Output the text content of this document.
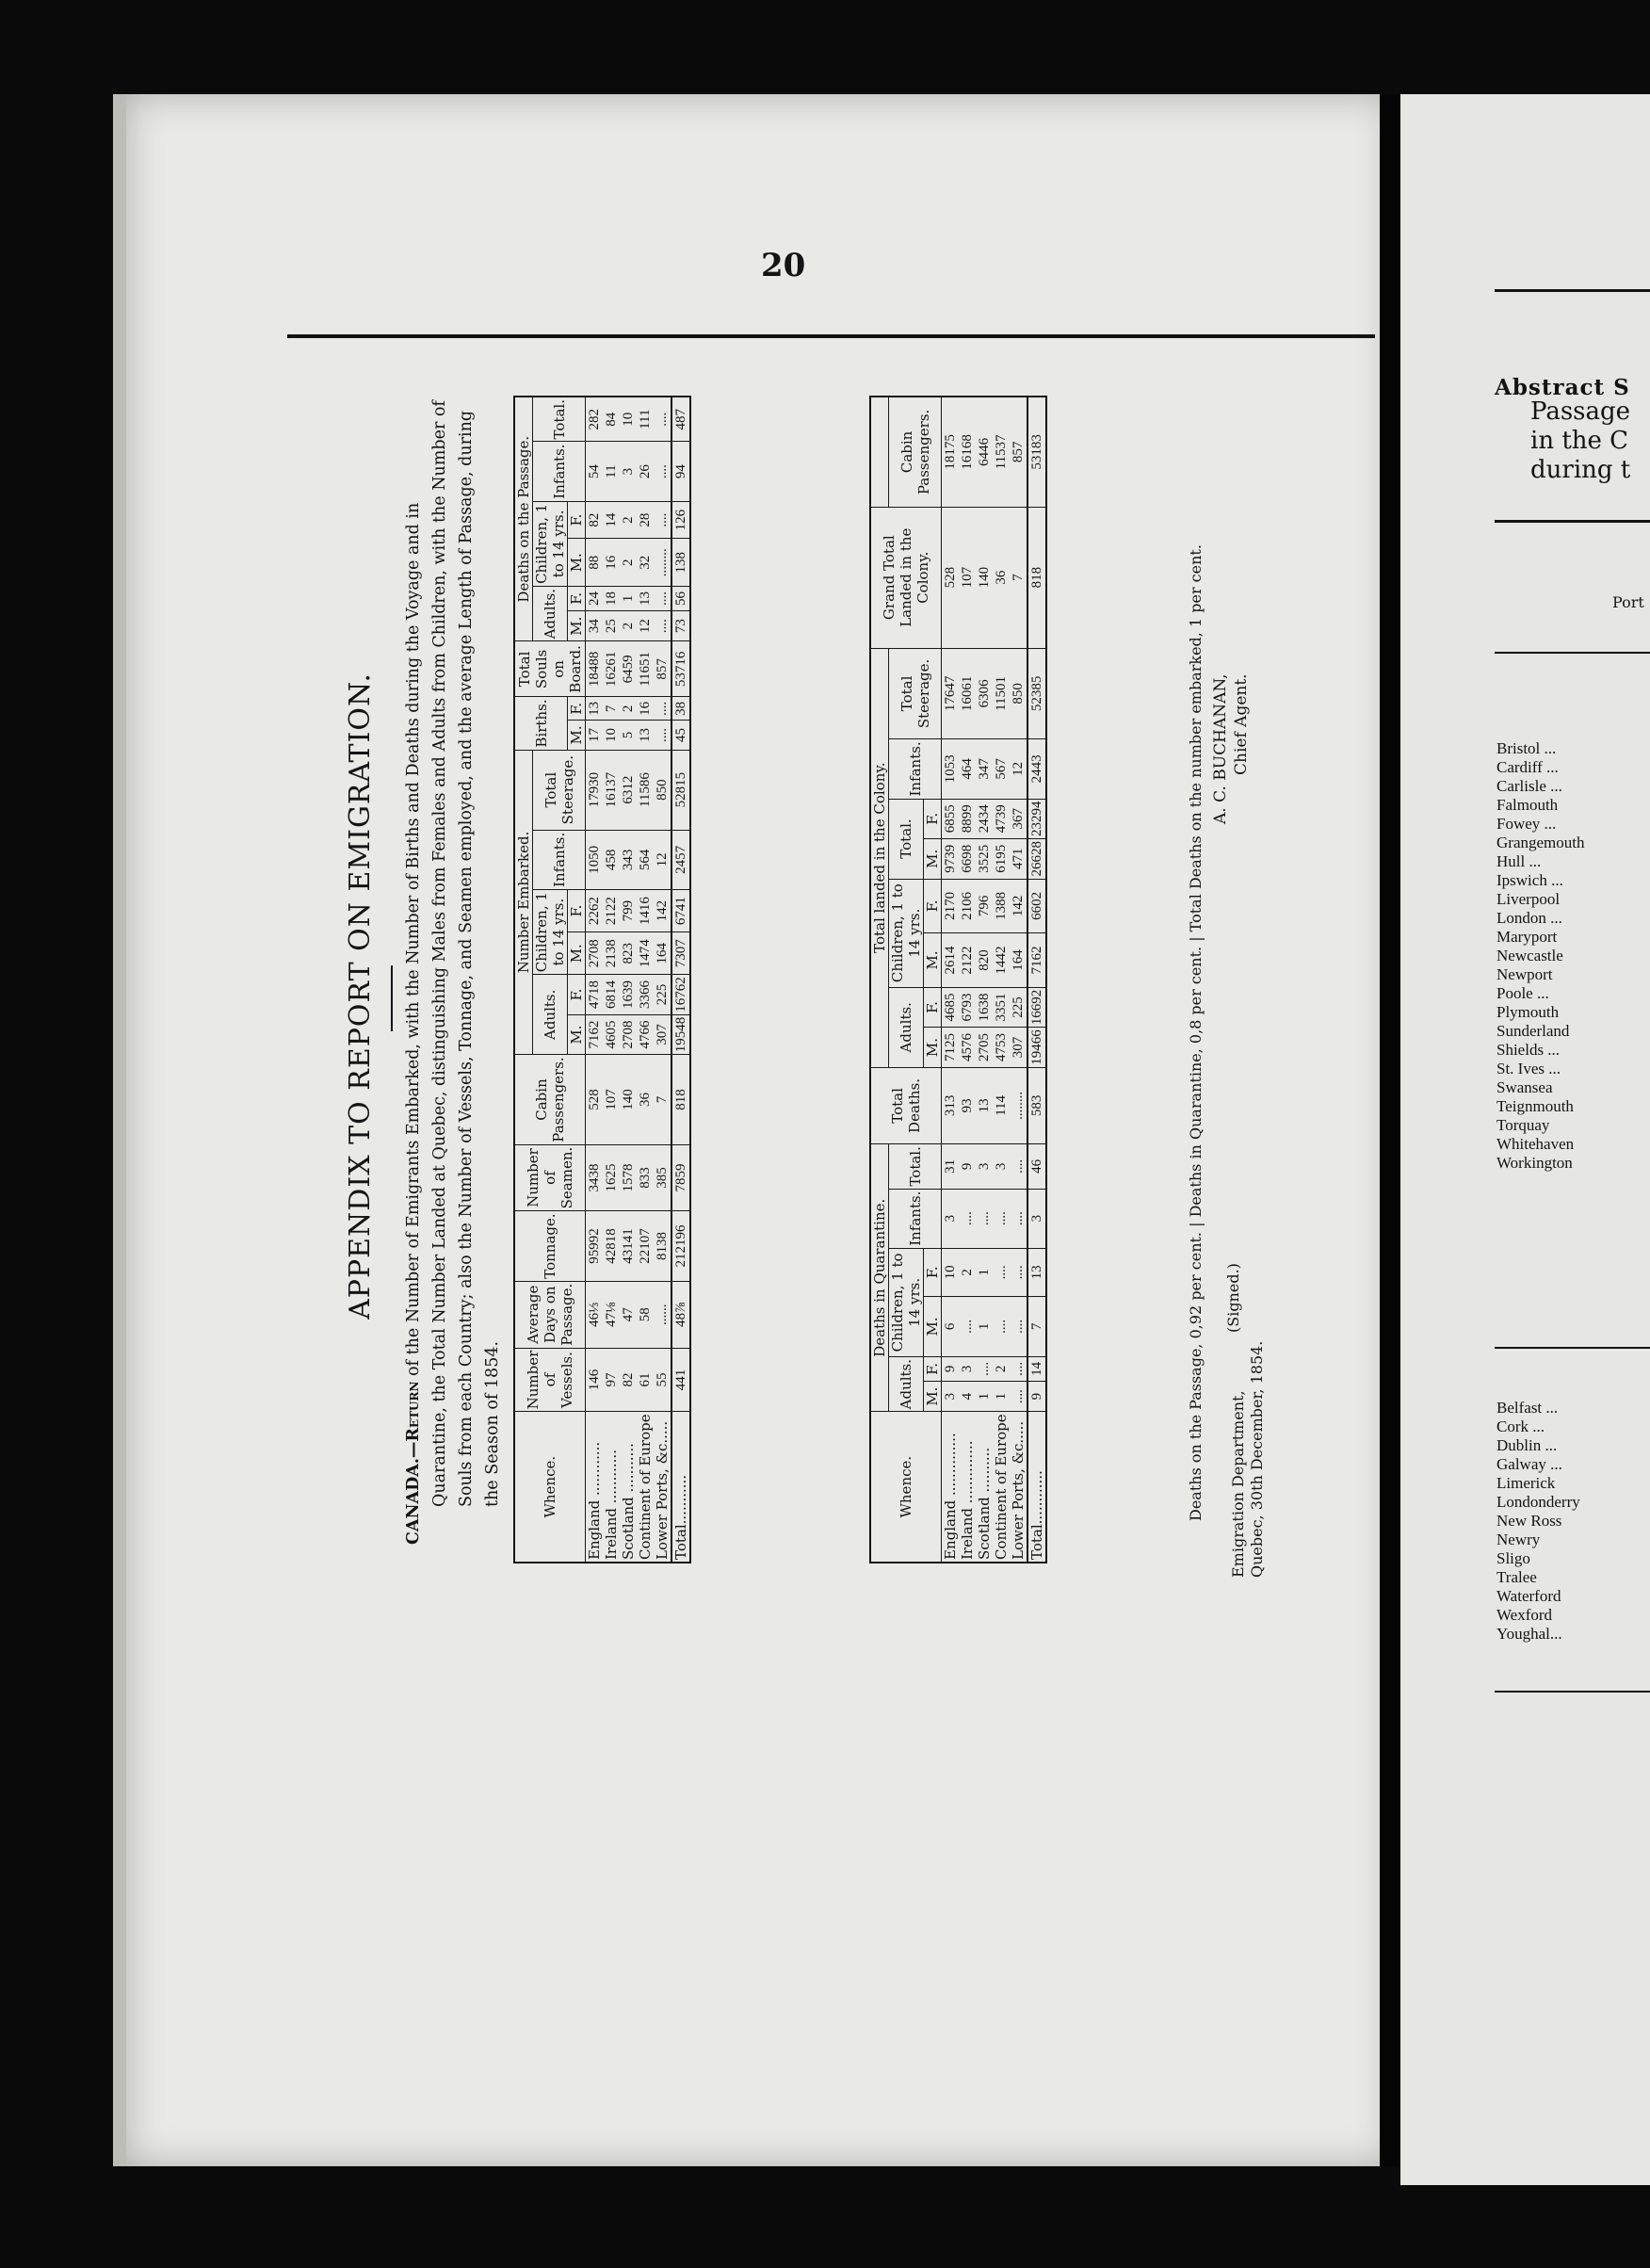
20
APPENDIX TO REPORT ON EMIGRATION.
CANADA.—Return of the Number of Emigrants Embarked, with the Number of Births and Deaths during the Voyage and in Quarantine, the Total Number Landed at Quebec, distinguishing Males from Females and Adults from Children, with the Number of Souls from each Country; also the Number of Vessels, Tonnage, and Seamen employed, and the average Length of Passage, during the Season of 1854.	Whence.	Number of Vessels.	Average Days on Passage.	Tonnage.	Number of Seamen.	Cabin Passengers.	Number Embarked.						Births.		Total Souls on Board.	Deaths on the Passage.					
						Adults.		Children, 1 to 14 yrs.		Infants.	Total Steerage.				Adults.		Children, 1 to 14 yrs.		Infants.	Total.
						M.	F.	M.	F.			M.	F.		M.	F.	M.	F.		
England ............	146	46⅓	95992	3438	528	7162	4718	2708	2262	1050	17930	17	13	18488	34	24	88	82	54	282
Ireland ............	97	47⅛	42818	1625	107	4605	6814	2138	2122	458	16137	10	7	16261	25	18	16	14	11	84
Scotland ...........	82	47	43141	1578	140	2708	1639	823	799	343	6312	5	2	6459	2	1	2	2	3	10
Continent of Europe	61	58	22107	833	36	4766	3366	1474	1416	564	11586	13	16	11651	12	13	32	28	26	111
Lower Ports, &c.....	55	......	8138	385	7	307	225	164	142	12	850	....	....	857	....	....	........	....	....	....
Total...........	441	48⅞	212196	7859	818	19548	16762	7307	6741	2457	52815	45	38	53716	73	56	138	126	94	487
Whence.	Deaths in Quarantine.						Total Deaths.	Total landed in the Colony.								Grand Total Landed in the Colony.	
	Adults.		Children, 1 to 14 yrs.		Infants.	Total.		Adults.		Children, 1 to 14 yrs.		Total.		Infants.	Total Steerage.		Cabin Passengers.
	M.	F.	M.	F.				M.	F.	M.	F.	M.	F.				
England ..............	3	9	6	10	3	31	313	7125	4685	2614	2170	9739	6855	1053	17647	528	18175
Ireland ..............	4	3	....	2	....	9	93	4576	6793	2122	2106	6698	8899	464	16061	107	16168
Scotland ..........	1	....	1	1	....	3	13	2705	1638	820	796	3525	2434	347	6306	140	6446
Continent of Europe	1	2	....	....	....	3	114	4753	3351	1442	1388	6195	4739	567	11501	36	11537
Lower Ports, &c.....	....	....	....	....	....	....	........	307	225	164	142	471	367	12	850	7	857
Total............	9	14	7	13	3	46	583	19466	16692	7162	6602	26628	23294	2443	52385	818	53183
Deaths on the Passage, 0,92 per cent. | Deaths in Quarantine, 0,8 per cent. | Total Deaths on the number embarked, 1 per cent. Emigration Department, Quebec, 30th December, 1854.
(Signed.)
A. C. BUCHANAN, Chief Agent.
Abstract S
Passage
in the C
during t
Port
Bristol ...
Cardiff ...
Carlisle ...
Falmouth
Fowey ...
Grangemouth
Hull ...
Ipswich ...
Liverpool
London ...
Maryport
Newcastle
Newport
Poole ...
Plymouth
Sunderland
Shields ...
St. Ives ...
Swansea
Teignmouth
Torquay
Whitehaven
Workington
Belfast ...
Cork ...
Dublin ...
Galway ...
Limerick
Londonderry
New Ross
Newry
Sligo
Tralee
Waterford
Wexford
Youghal...
